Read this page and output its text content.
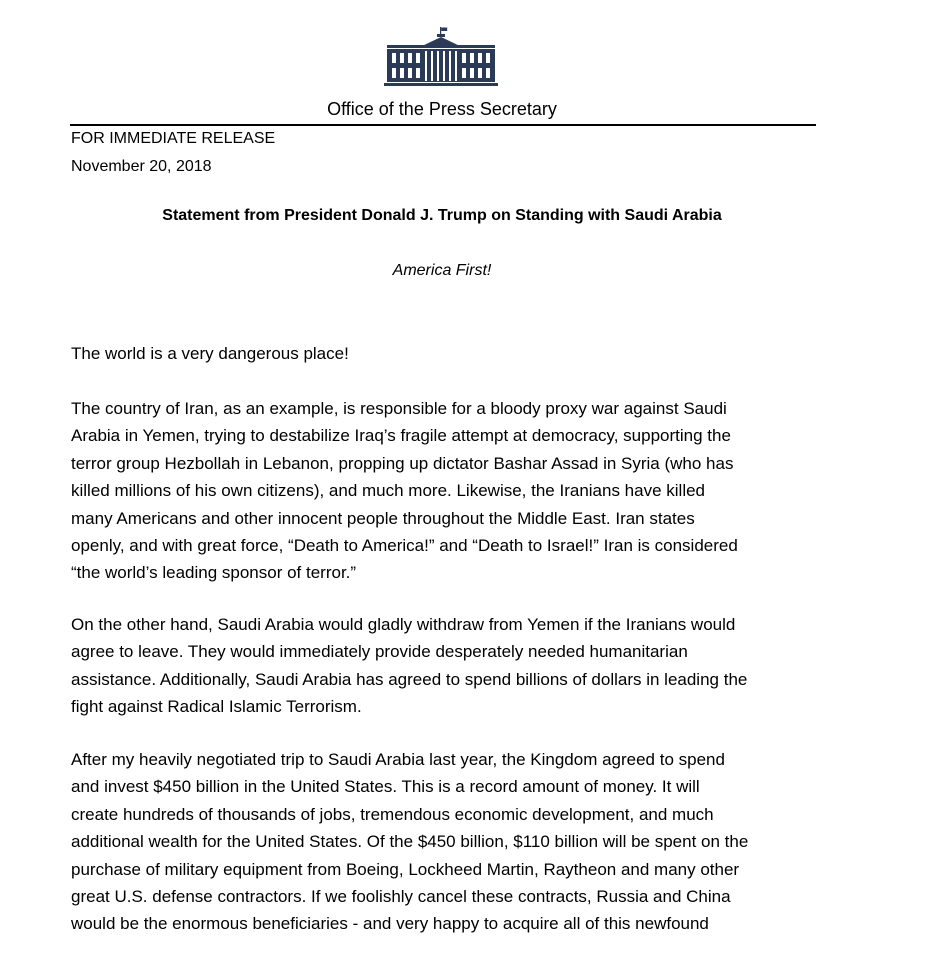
Office of the Press Secretary
FOR IMMEDIATE RELEASE
November 20, 2018
Statement from President Donald J. Trump on Standing with Saudi Arabia
America First!

The world is a very dangerous place!

The country of Iran, as an example, is responsible for a bloody proxy war against Saudi
Arabia in Yemen, trying to destabilize Iraq’s fragile attempt at democracy, supporting the
terror group Hezbollah in Lebanon, propping up dictator Bashar Assad in Syria (who has
killed millions of his own citizens), and much more. Likewise, the Iranians have killed
many Americans and other innocent people throughout the Middle East. Iran states
openly, and with great force, “Death to America!” and “Death to Israel!” Iran is considered
“the world’s leading sponsor of terror.”

On the other hand, Saudi Arabia would gladly withdraw from Yemen if the Iranians would
agree to leave. They would immediately provide desperately needed humanitarian
assistance. Additionally, Saudi Arabia has agreed to spend billions of dollars in leading the
fight against Radical Islamic Terrorism.

After my heavily negotiated trip to Saudi Arabia last year, the Kingdom agreed to spend
and invest $450 billion in the United States. This is a record amount of money. It will
create hundreds of thousands of jobs, tremendous economic development, and much
additional wealth for the United States. Of the $450 billion, $110 billion will be spent on the
purchase of military equipment from Boeing, Lockheed Martin, Raytheon and many other
great U.S. defense contractors. If we foolishly cancel these contracts, Russia and China
would be the enormous beneficiaries - and very happy to acquire all of this newfound
